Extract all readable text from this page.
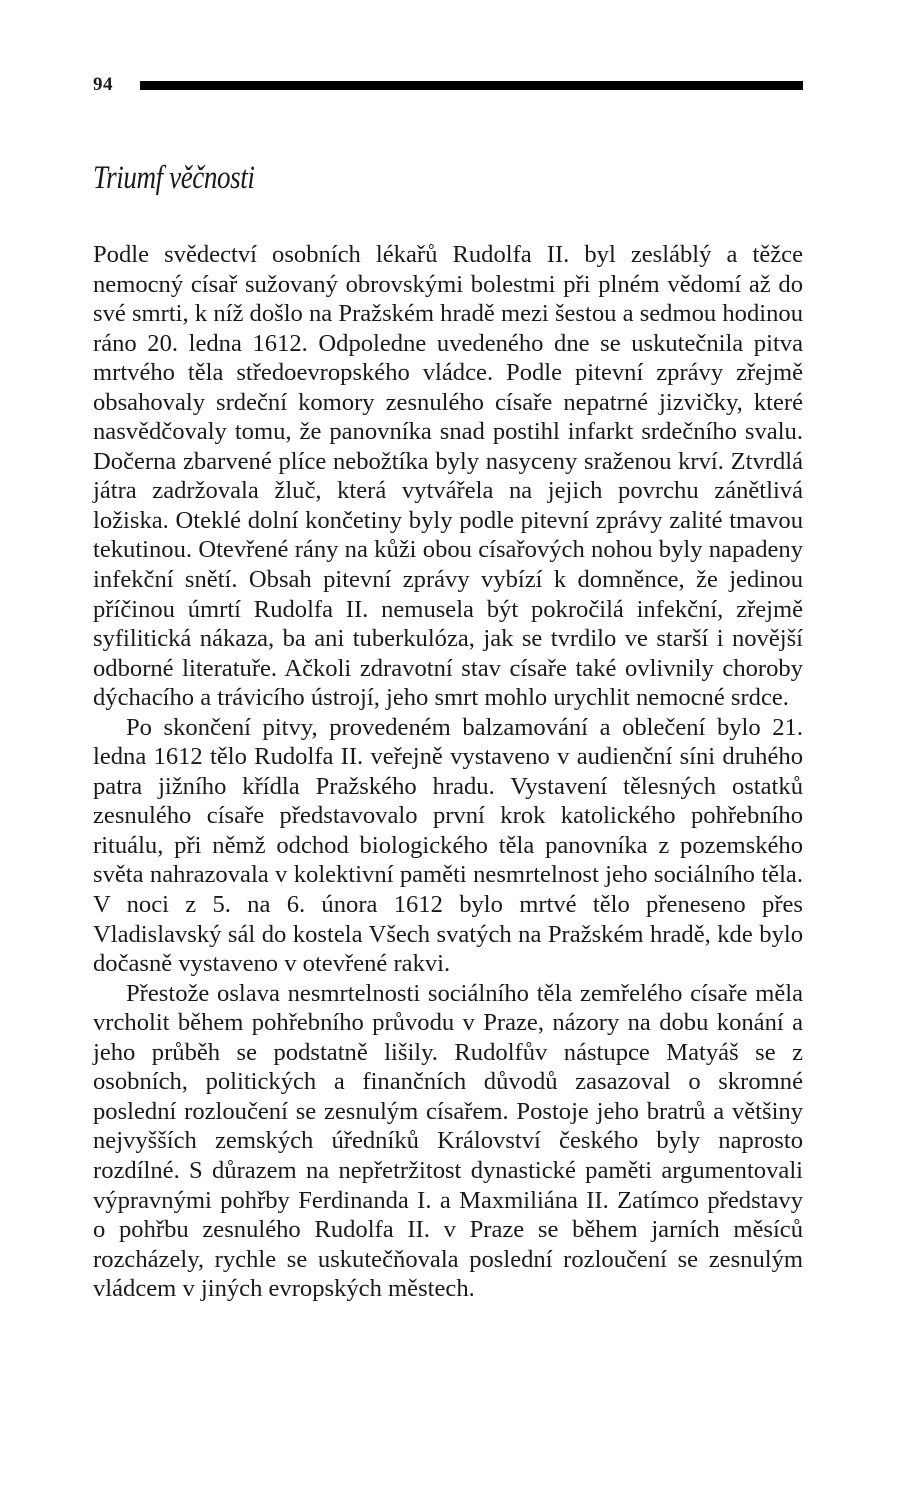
94
Triumf věčnosti

Podle svědectví osobních lékařů Rudolfa II. byl zesláblý a těžce nemocný císař sužovaný obrovskými bolestmi při plném vědomí až do své smrti, k níž došlo na Pražském hradě mezi šestou a sedmou hodinou ráno 20. ledna 1612. Odpoledne uvedeného dne se uskutečnila pitva mrtvého těla středoevropského vládce. Podle pitevní zprávy zřejmě obsahovaly srdeční komory zesnulého císaře nepatrné jizvičky, které nasvědčovaly tomu, že panovníka snad postihl infarkt srdečního svalu. Dočerna zbarvené plíce nebožtíka byly nasyceny sraženou krví. Ztvrdlá játra zadržovala žluč, která vytvářela na jejich povrchu zánětlivá ložiska. Oteklé dolní končetiny byly podle pitevní zprávy zalité tmavou tekutinou. Otevřené rány na kůži obou císařových nohou byly napadeny infekční snětí. Obsah pitevní zprávy vybízí k domněnce, že jedinou příčinou úmrtí Rudolfa II. nemusela být pokročilá infekční, zřejmě syfilitická nákaza, ba ani tuberkulóza, jak se tvrdilo ve starší i novější odborné literatuře. Ačkoli zdravotní stav císaře také ovlivnily choroby dýchacího a trávicího ústrojí, jeho smrt mohlo urychlit nemocné srdce.

Po skončení pitvy, provedeném balzamování a oblečení bylo 21. ledna 1612 tělo Rudolfa II. veřejně vystaveno v audienční síni druhého patra jižního křídla Pražského hradu. Vystavení tělesných ostatků zesnulého císaře představovalo první krok katolického pohřebního rituálu, při němž odchod biologického těla panovníka z pozemského světa nahrazovala v kolektivní paměti nesmrtelnost jeho sociálního těla. V noci z 5. na 6. února 1612 bylo mrtvé tělo přeneseno přes Vladislavský sál do kostela Všech svatých na Pražském hradě, kde bylo dočasně vystaveno v otevřené rakvi.

Přestože oslava nesmrtelnosti sociálního těla zemřelého císaře měla vrcholit během pohřebního průvodu v Praze, názory na dobu konání a jeho průběh se podstatně lišily. Rudolfův nástupce Matyáš se z osobních, politických a finančních důvodů zasazoval o skromné poslední rozloučení se zesnulým císařem. Postoje jeho bratrů a většiny nejvyšších zemských úředníků Království českého byly naprosto rozdílné. S důrazem na nepřetržitost dynastické paměti argumentovali výpravnými pohřby Ferdinanda I. a Maxmiliána II. Zatímco představy o pohřbu zesnulého Rudolfa II. v Praze se během jarních měsíců rozcházely, rychle se uskutečňovala poslední rozloučení se zesnulým vládcem v jiných evropských městech.
